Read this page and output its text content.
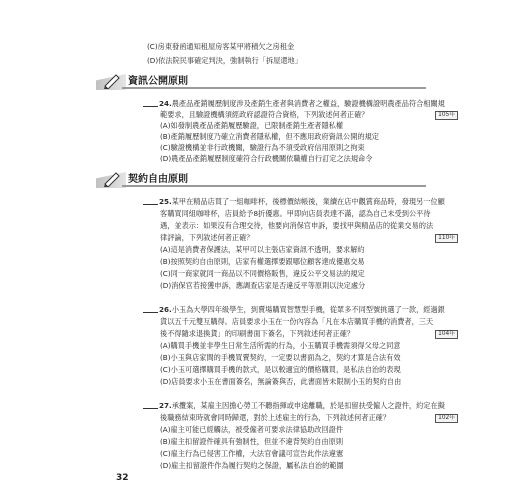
(C)房東發函通知租屋房客某甲將積欠之房租金
(D)依法院民事確定判決，強制執行「拆屋還地」
資訊公開原則
24.農產品產銷履歷制度涉及產銷生產者與消費者之權益，驗證機構證明農產品符合相關規
範要求，且驗證機構須經政府認證符合資格，下列敘述何者正確？	105年
(A)如發制農產品產銷履歷驗證，已限制產銷生產者隱私權
(B)產銷履歷制度乃確立消費者隱私權，但不應用政府資訊公開的規定
(C)驗證機構並非行政機關，驗證行為不須受政府信用原則之拘束
(D)農產品產銷履歷制度確符合行政機關依職權自行訂定之法規命令
契約自由原則
25.某甲在精品店買了一組咖啡杯，後標價結帳後，業續在店中觀賞商品時，發現另一位顧
客購買同組咖啡杯，店員給予8折優惠。甲即向店員表達不滿，認為自己未受到公平待
遇，並表示：如果沒有合理交待，他要向消保官申訴，要找甲與精品店的從業交易的法
律評論，下列敘述何者正確？	110年
(A)這是消費者保護法，某甲可以主張店家資訊不透明，要求解約
(B)按照契約自由原則，店家有權選擇要跟哪位顧客達成優惠交易
(C)同一商家就同一商品以不同價格販售，違反公平交易法的規定
(D)消保官若接獲申訴，應調查店家是否違反平等原則以決定處分
26.小玉為大學四年級學生，到賣場購買智慧型手機，從眾多不同型號挑選了一款，經過銀
貨以五千元雙互購得。店員要求小玉在一份內容為「凡在本店購買手機的消費者，三天
後不得隨求退換貨」的印刷書面下簽名，下列敘述何者正確？	104年
(A)購買手機並非學生日常生活所需的行為，小玉購買手機需須得父母之同意
(B)小玉與店家間的手機買賣契約，一定要以書面為之，契約才算是合法有效
(C)小玉可選擇購買手機的款式，是以較適宜的價格購買，是私法自治的表現
(D)店員要求小玉在書面簽名，無論簽與否，此書面皆未限制小玉的契約自由
27.承攬案，某雇主因擔心勞工不聽指揮或申途離職，於是扣留扶受僱人之證件，約定在擬
後職務結束時就會同時歸還，對於上述雇主的行為，下列敘述何者正確？	102年
(A)雇主可能已經觸法，被受僱者可要求法律協助改回證件
(B)雇主扣留證件確具有強制性，但並不違背契約自由原則
(C)雇主行為已侵害工作權，大法官會議可宣告此作法違憲
(D)雇主扣留證件作為履行契約之保證，屬私法自治的範圍
32
